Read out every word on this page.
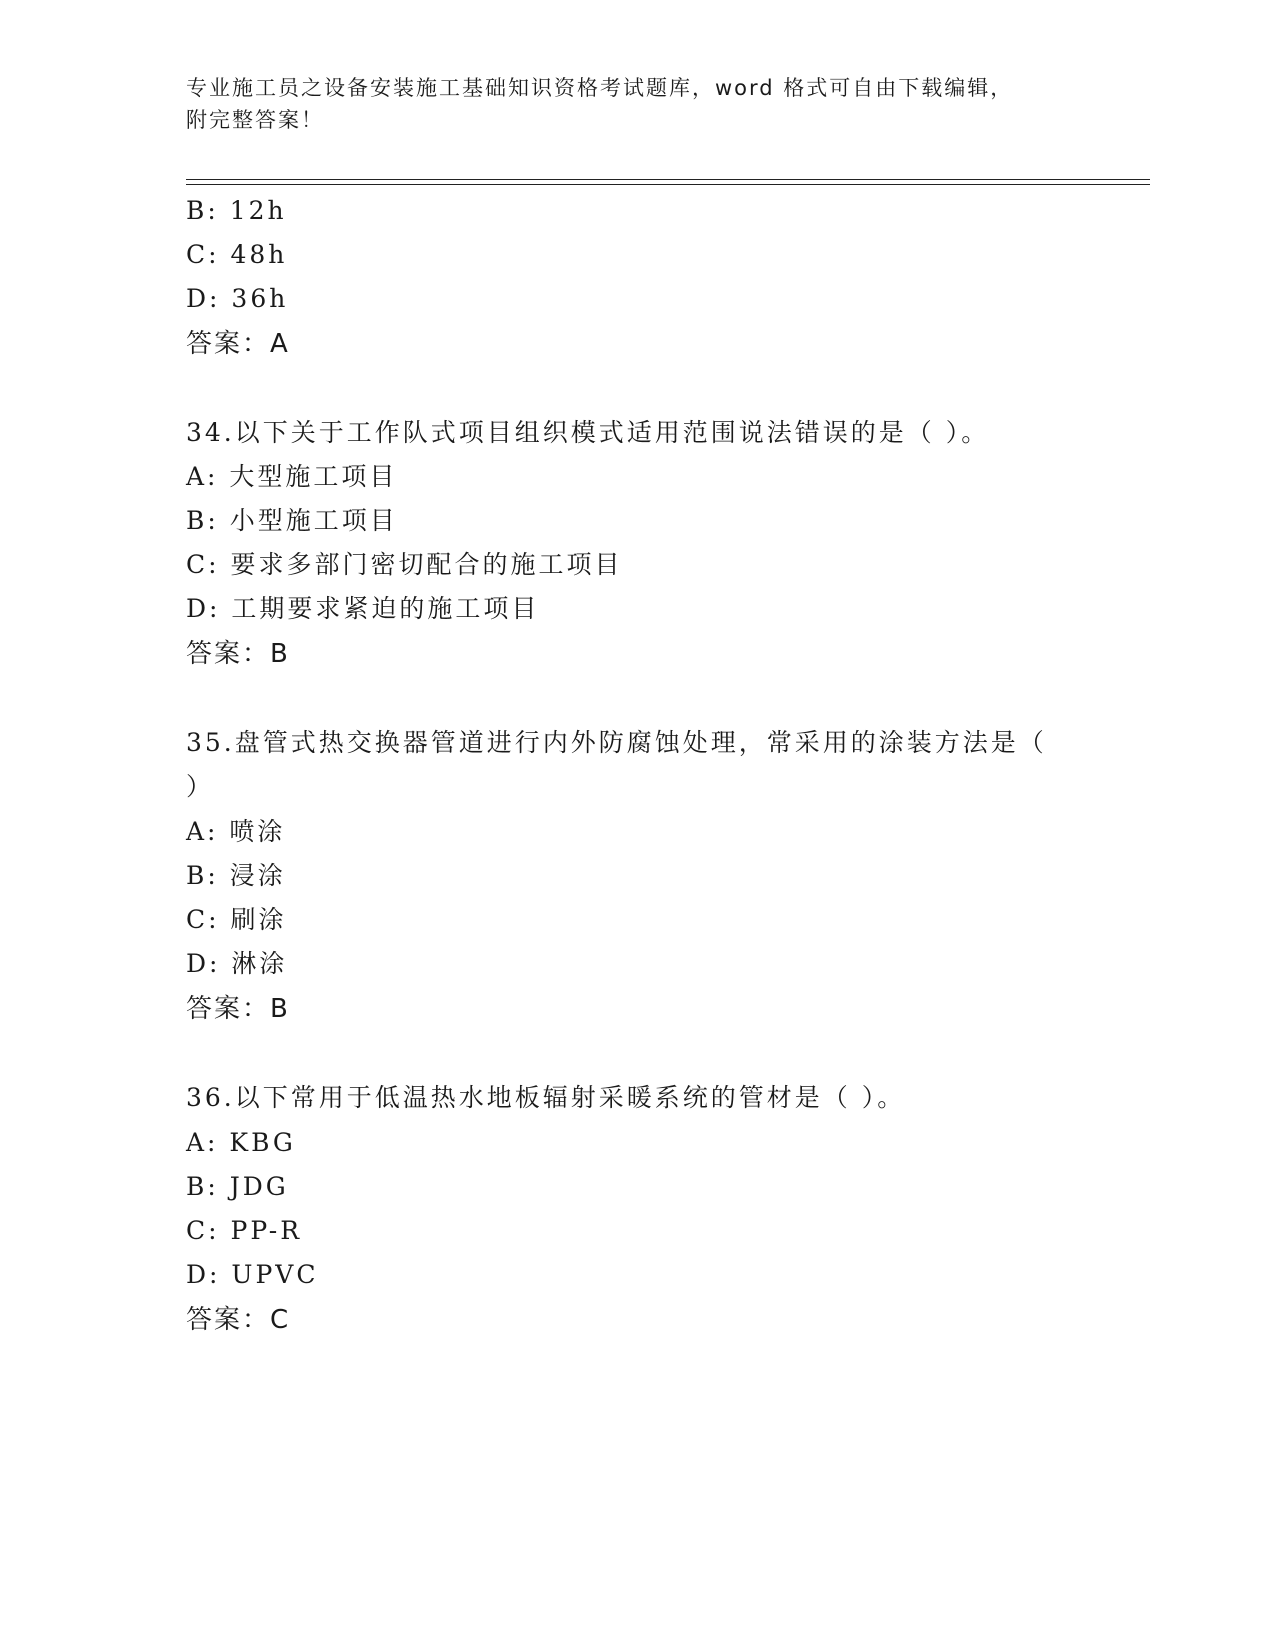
专业施工员之设备安装施工基础知识资格考试题库，word 格式可自由下载编辑，
附完整答案！
B: 12h
C: 48h
D: 36h
答案：A
34.以下关于工作队式项目组织模式适用范围说法错误的是（ ）。
A: 大型施工项目
B: 小型施工项目
C: 要求多部门密切配合的施工项目
D: 工期要求紧迫的施工项目
答案：B
35.盘管式热交换器管道进行内外防腐蚀处理，常采用的涂装方法是（
）
A: 喷涂
B: 浸涂
C: 刷涂
D: 淋涂
答案：B
36.以下常用于低温热水地板辐射采暖系统的管材是（ ）。
A: KBG
B: JDG
C: PP-R
D: UPVC
答案：C
